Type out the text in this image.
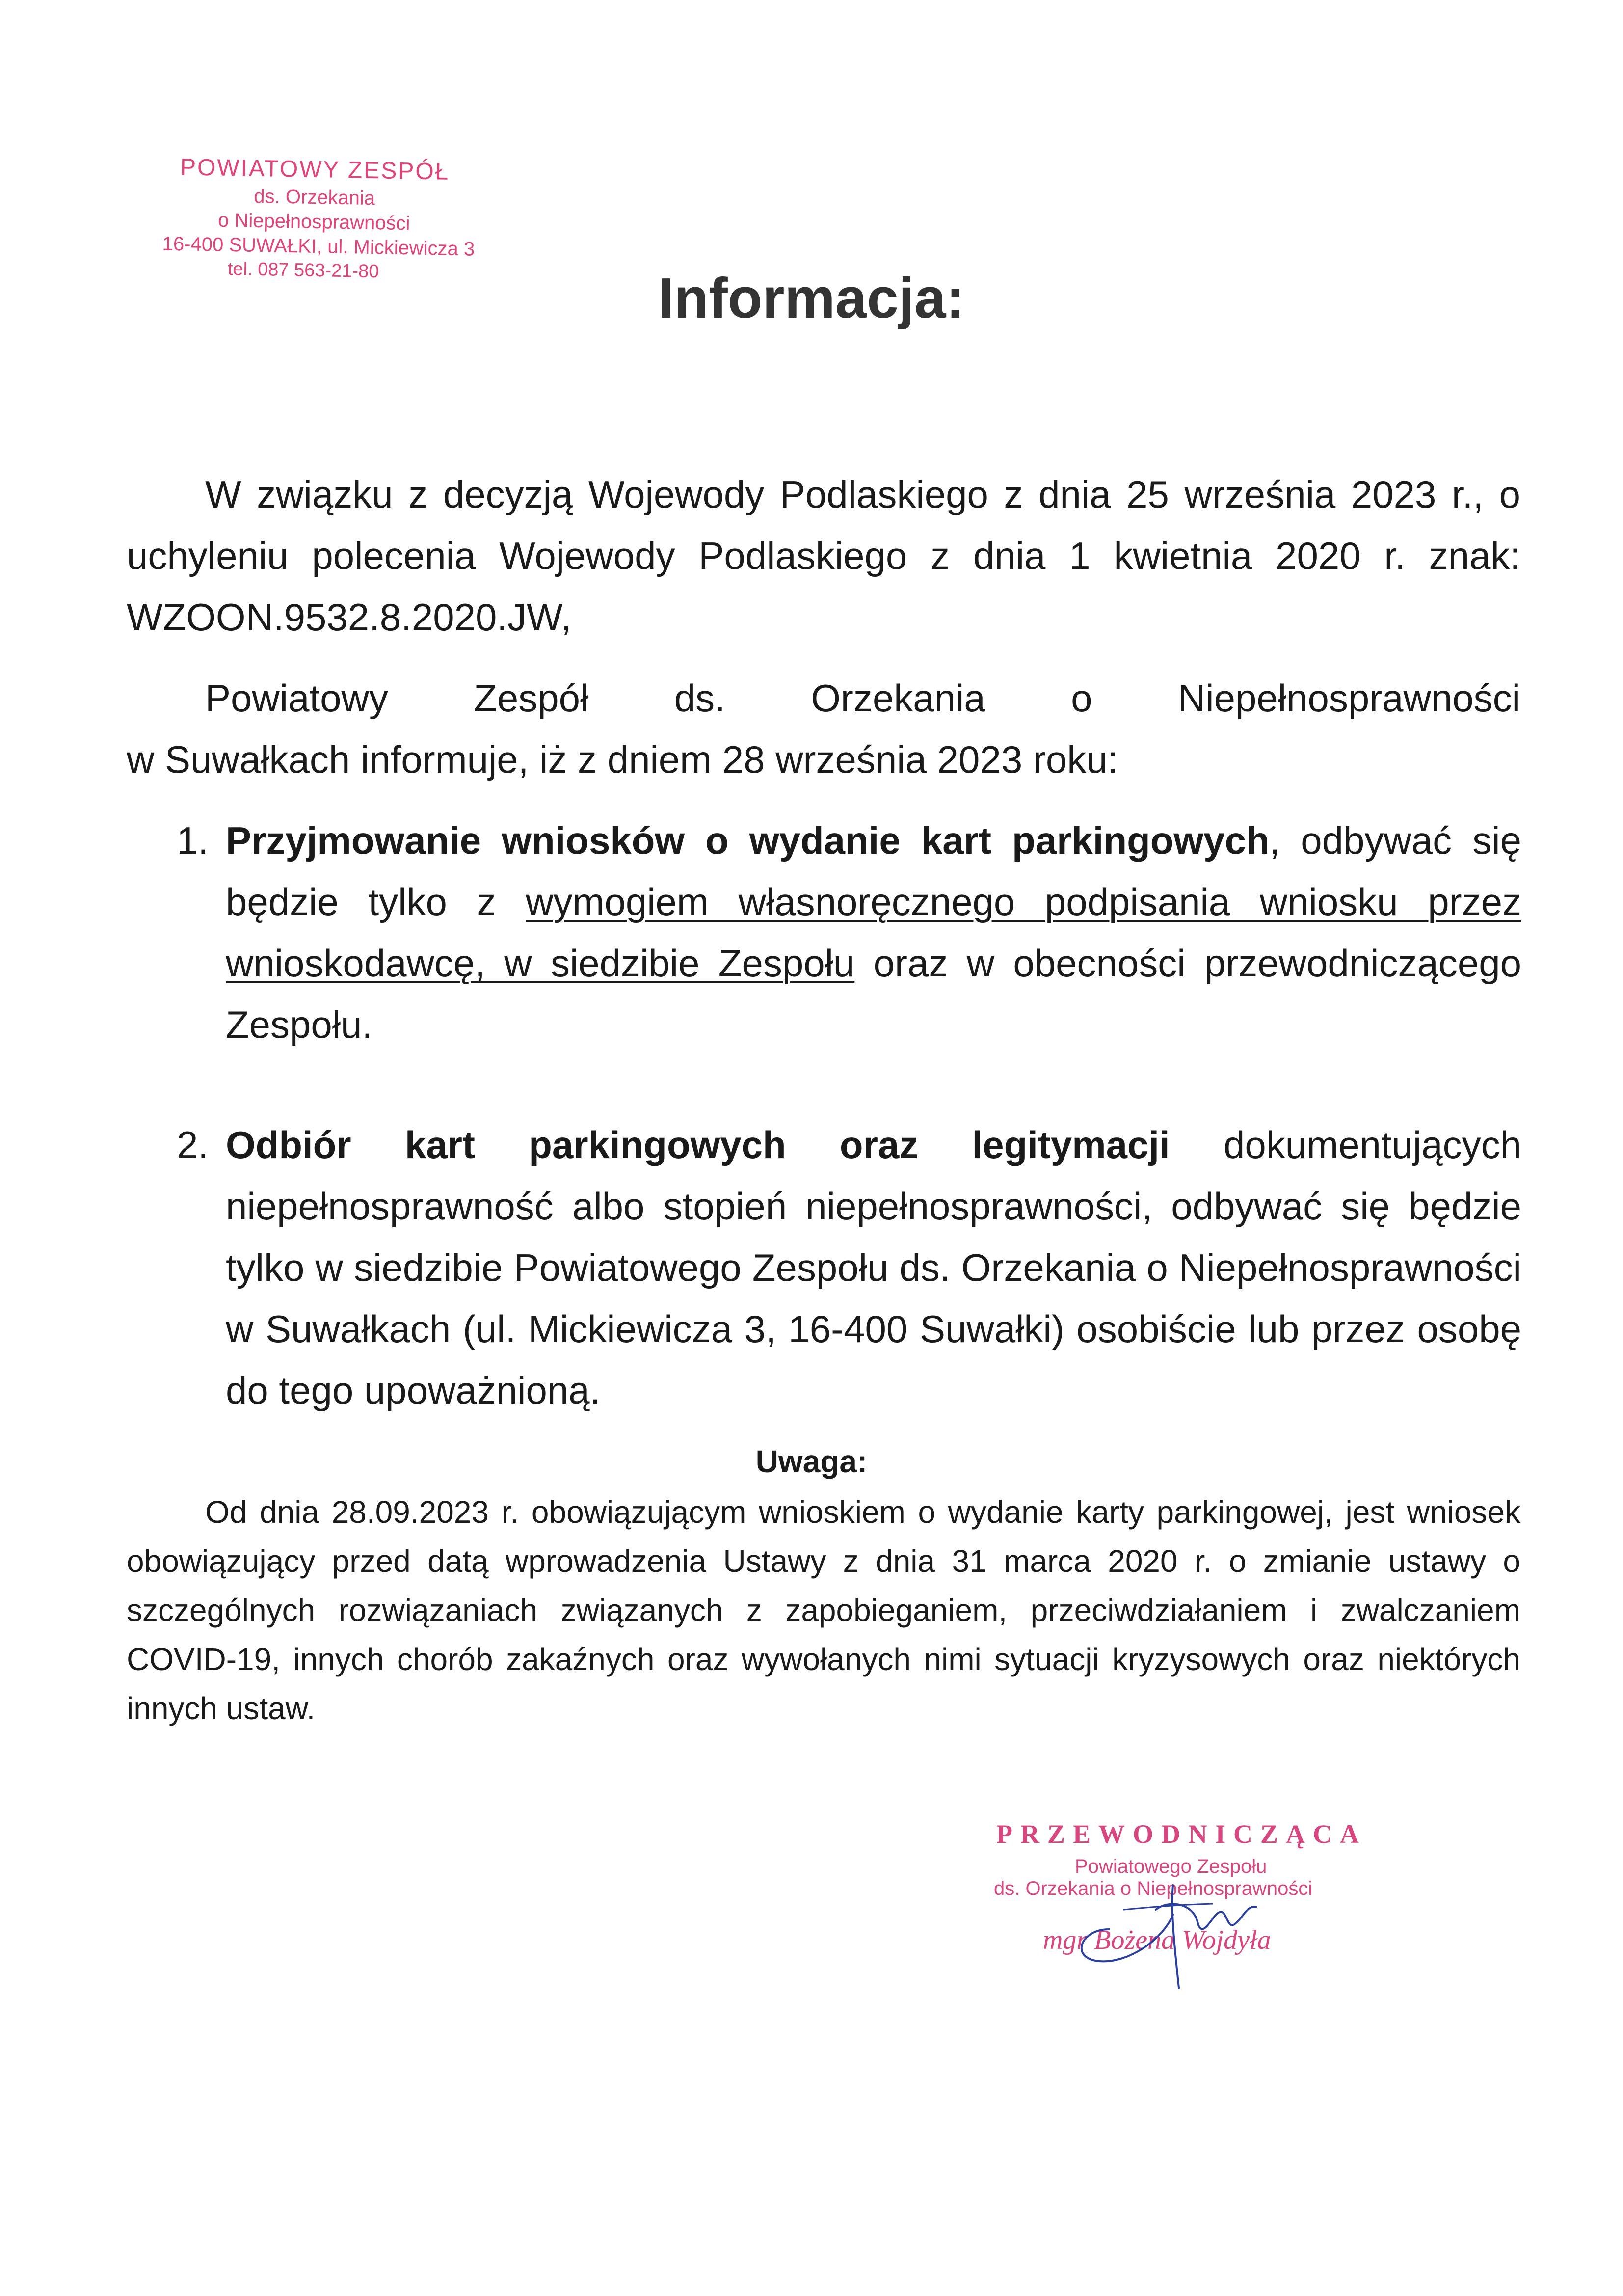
POWIATOWY ZESPÓŁ
ds. Orzekania
o Niepełnosprawności
16-400 SUWAŁKI, ul. Mickiewicza 3
tel. 087 563-21-80	Informacja:
W związku z decyzją Wojewody Podlaskiego z dnia 25 września 2023 r., o uchyleniu polecenia Wojewody Podlaskiego z dnia 1 kwietnia 2020 r. znak: WZOON.9532.8.2020.JW,
Powiatowy Zespół ds. Orzekania o Niepełnosprawności
w Suwałkach informuje, iż z dniem 28 września 2023 roku:
1. Przyjmowanie wniosków o wydanie kart parkingowych, odbywać się będzie tylko z wymogiem własnoręcznego podpisania wniosku przez wnioskodawcę, w siedzibie Zespołu oraz w obecności przewodniczącego Zespołu.
2. Odbiór kart parkingowych oraz legitymacji dokumentujących niepełnosprawność albo stopień niepełnosprawności, odbywać się będzie tylko w siedzibie Powiatowego Zespołu ds. Orzekania o Niepełnosprawności w Suwałkach (ul. Mickiewicza 3, 16-400 Suwałki) osobiście lub przez osobę do tego upoważnioną.
Uwaga:
Od dnia 28.09.2023 r. obowiązującym wnioskiem o wydanie karty parkingowej, jest wniosek obowiązujący przed datą wprowadzenia Ustawy z dnia 31 marca 2020 r. o zmianie ustawy o szczególnych rozwiązaniach związanych z zapobieganiem, przeciwdziałaniem i zwalczaniem COVID-19, innych chorób zakaźnych oraz wywołanych nimi sytuacji kryzysowych oraz niektórych innych ustaw.
PRZEWODNICZĄCA
Powiatowego Zespołu
ds. Orzekania o Niepełnosprawności
mgr Bożena Wojdyła
